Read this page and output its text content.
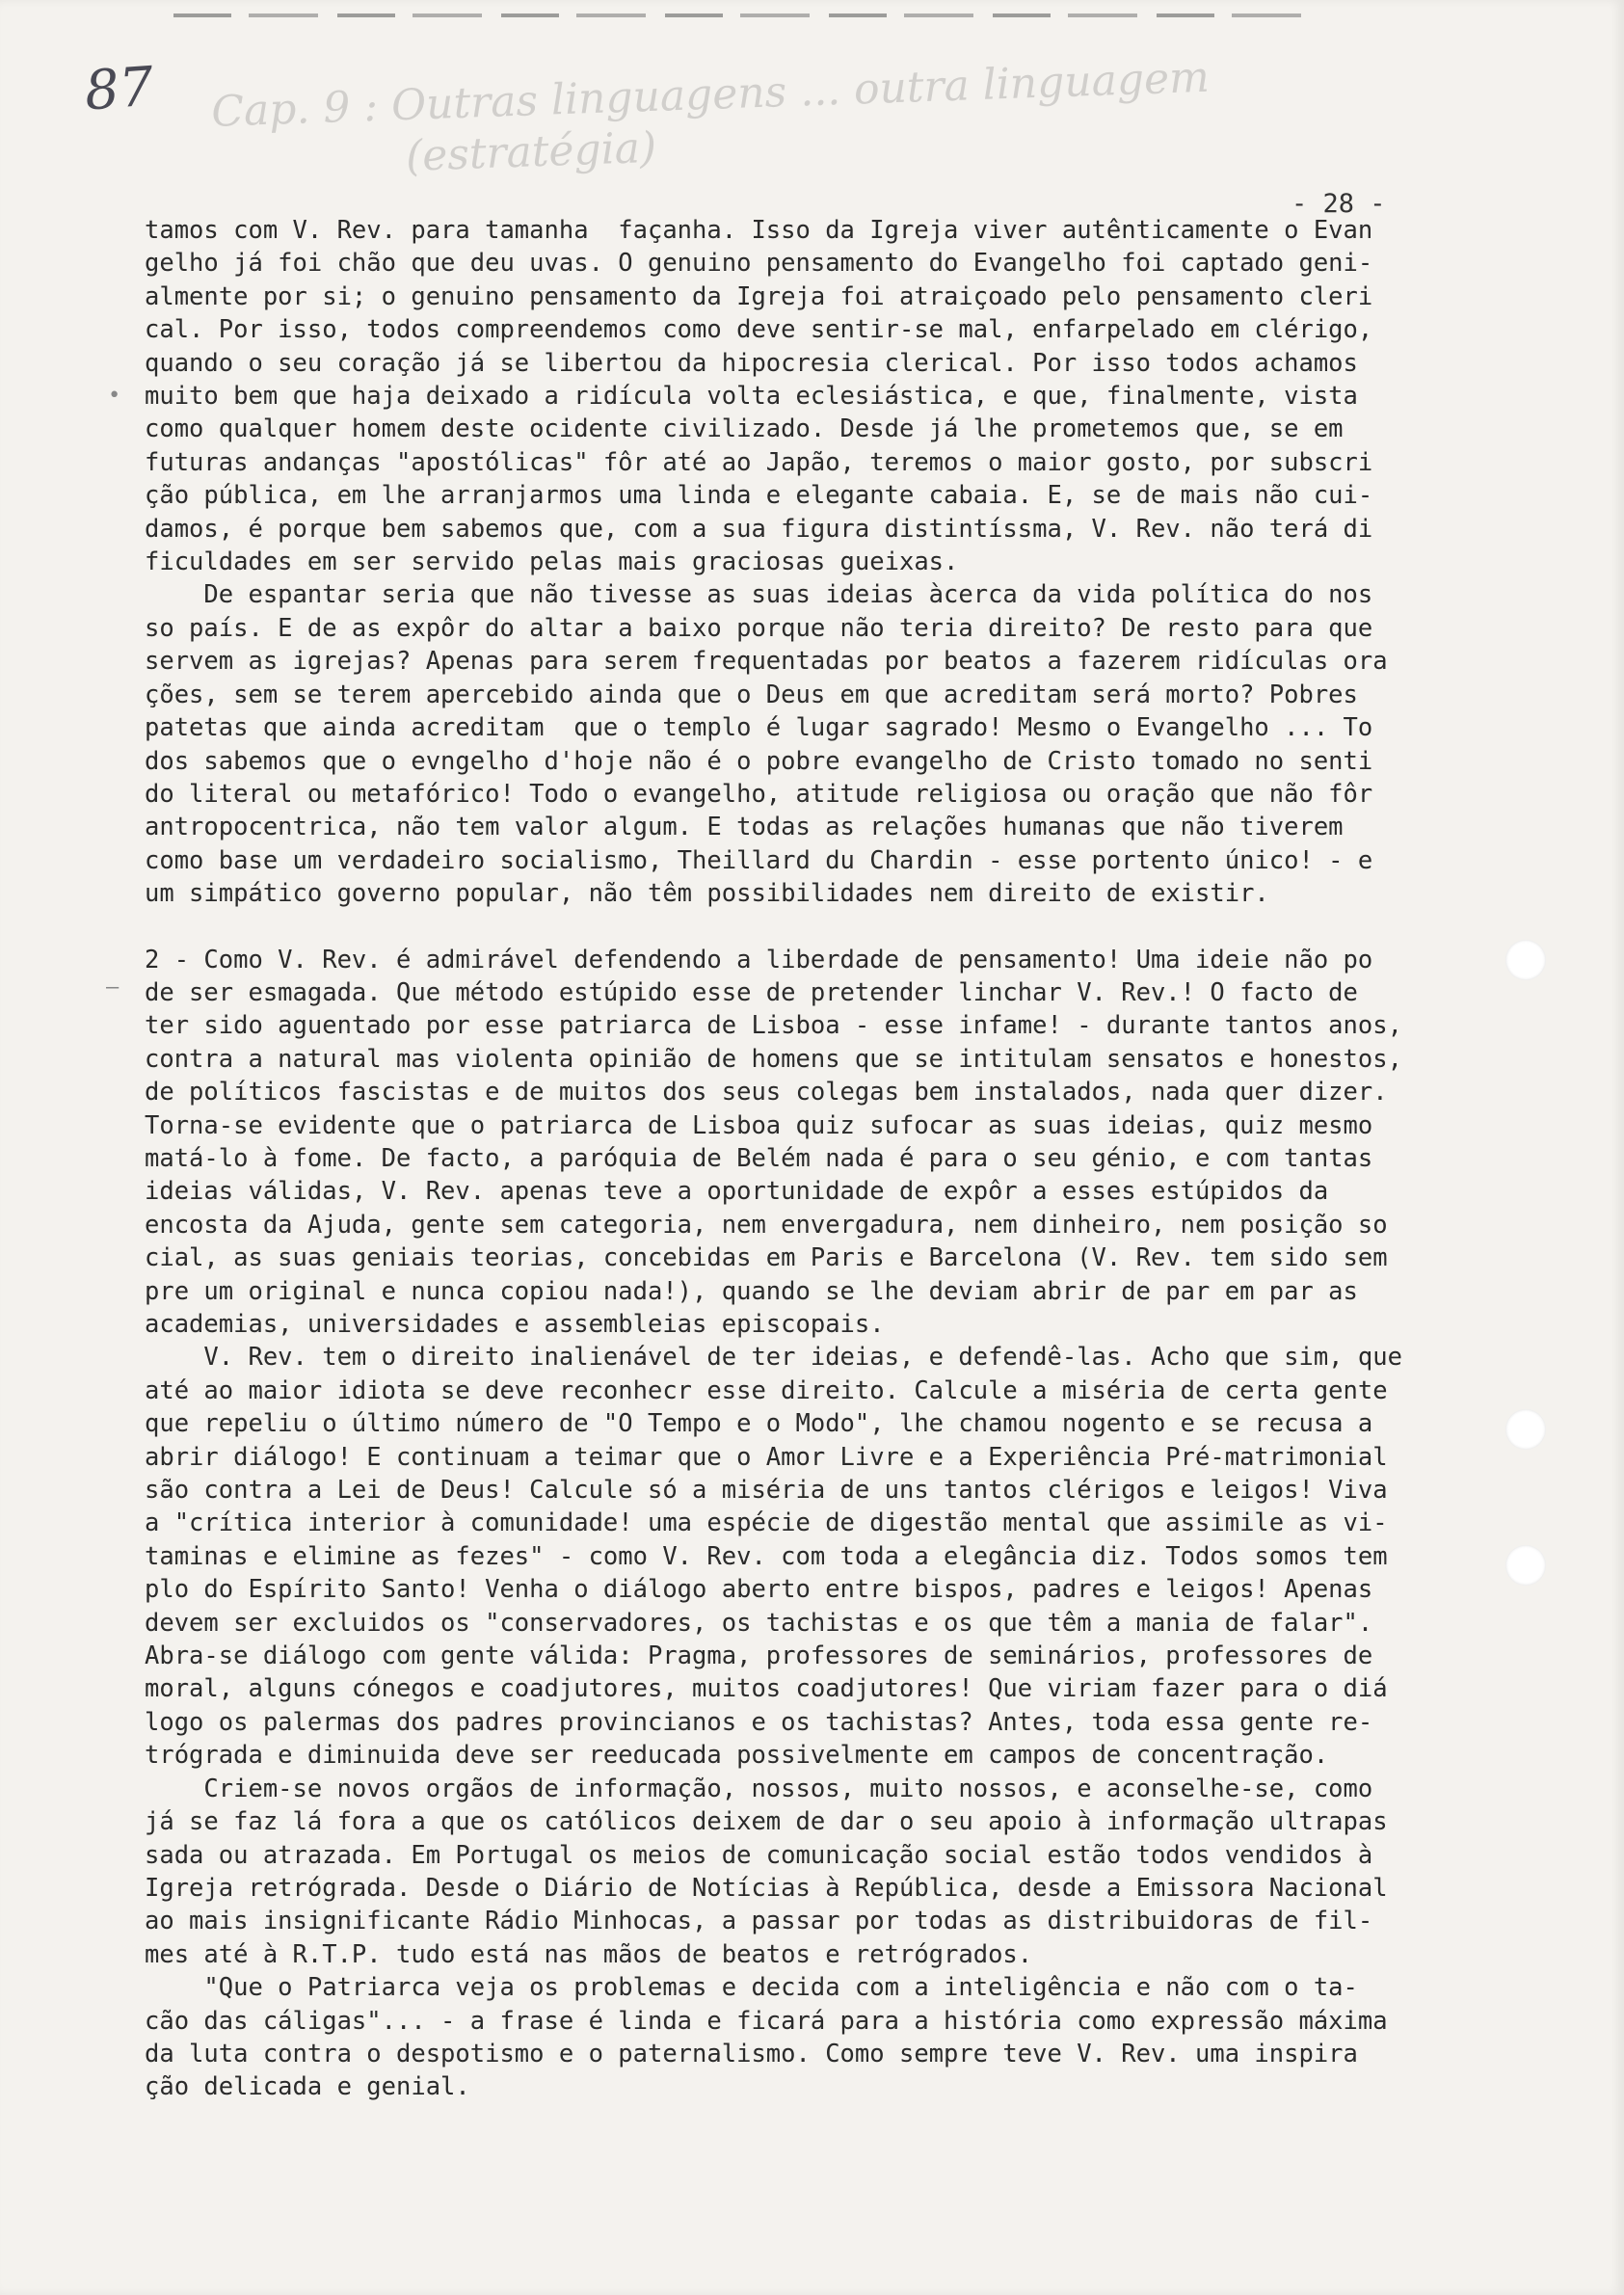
87 Cap. 9 : Outras linguagens ... outra linguagem
(estratégia)
- 28 -
tamos com V. Rev. para tamanha  façanha. Isso da Igreja viver autênticamente o Evan
gelho já foi chão que deu uvas. O genuino pensamento do Evangelho foi captado geni-
almente por si; o genuino pensamento da Igreja foi atraiçoado pelo pensamento cleri
cal. Por isso, todos compreendemos como deve sentir-se mal, enfarpelado em clérigo,
quando o seu coração já se libertou da hipocresia clerical. Por isso todos achamos
muito bem que haja deixado a ridícula volta eclesiástica, e que, finalmente, vista
como qualquer homem deste ocidente civilizado. Desde já lhe prometemos que, se em
futuras andanças "apostólicas" fôr até ao Japão, teremos o maior gosto, por subscri
ção pública, em lhe arranjarmos uma linda e elegante cabaia. E, se de mais não cui-
damos, é porque bem sabemos que, com a sua figura distintíssma, V. Rev. não terá di
ficuldades em ser servido pelas mais graciosas gueixas.
De espantar seria que não tivesse as suas ideias àcerca da vida política do nos
so país. E de as expôr do altar a baixo porque não teria direito? De resto para que
servem as igrejas? Apenas para serem frequentadas por beatos a fazerem ridículas ora
ções, sem se terem apercebido ainda que o Deus em que acreditam será morto? Pobres
patetas que ainda acreditam  que o templo é lugar sagrado! Mesmo o Evangelho ... To
dos sabemos que o evngelho d'hoje não é o pobre evangelho de Cristo tomado no senti
do literal ou metafórico! Todo o evangelho, atitude religiosa ou oração que não fôr
antropocentrica, não tem valor algum. E todas as relações humanas que não tiverem
como base um verdadeiro socialismo, Theillard du Chardin - esse portento único! - e
um simpático governo popular, não têm possibilidades nem direito de existir.
2 - Como V. Rev. é admirável defendendo a liberdade de pensamento! Uma ideie não po
de ser esmagada. Que método estúpido esse de pretender linchar V. Rev.! O facto de
ter sido aguentado por esse patriarca de Lisboa - esse infame! - durante tantos anos,
contra a natural mas violenta opinião de homens que se intitulam sensatos e honestos,
de políticos fascistas e de muitos dos seus colegas bem instalados, nada quer dizer.
Torna-se evidente que o patriarca de Lisboa quiz sufocar as suas ideias, quiz mesmo
matá-lo à fome. De facto, a paróquia de Belém nada é para o seu génio, e com tantas
ideias válidas, V. Rev. apenas teve a oportunidade de expôr a esses estúpidos da
encosta da Ajuda, gente sem categoria, nem envergadura, nem dinheiro, nem posição so
cial, as suas geniais teorias, concebidas em Paris e Barcelona (V. Rev. tem sido sem
pre um original e nunca copiou nada!), quando se lhe deviam abrir de par em par as
academias, universidades e assembleias episcopais.
V. Rev. tem o direito inalienável de ter ideias, e defendê-las. Acho que sim, que
até ao maior idiota se deve reconhecr esse direito. Calcule a miséria de certa gente
que repeliu o último número de "O Tempo e o Modo", lhe chamou nogento e se recusa a
abrir diálogo! E continuam a teimar que o Amor Livre e a Experiência Pré-matrimonial
são contra a Lei de Deus! Calcule só a miséria de uns tantos clérigos e leigos! Viva
a "crítica interior à comunidade! uma espécie de digestão mental que assimile as vi-
taminas e elimine as fezes" - como V. Rev. com toda a elegância diz. Todos somos tem
plo do Espírito Santo! Venha o diálogo aberto entre bispos, padres e leigos! Apenas
devem ser excluidos os "conservadores, os tachistas e os que têm a mania de falar".
Abra-se diálogo com gente válida: Pragma, professores de seminários, professores de
moral, alguns cónegos e coadjutores, muitos coadjutores! Que viriam fazer para o diá
logo os palermas dos padres provincianos e os tachistas? Antes, toda essa gente re-
trógrada e diminuida deve ser reeducada possivelmente em campos de concentração.
Criem-se novos orgãos de informação, nossos, muito nossos, e aconselhe-se, como
já se faz lá fora a que os católicos deixem de dar o seu apoio à informação ultrapas
sada ou atrazada. Em Portugal os meios de comunicação social estão todos vendidos à
Igreja retrógrada. Desde o Diário de Notícias à República, desde a Emissora Nacional
ao mais insignificante Rádio Minhocas, a passar por todas as distribuidoras de fil-
mes até à R.T.P. tudo está nas mãos de beatos e retrógrados.
"Que o Patriarca veja os problemas e decida com a inteligência e não com o ta-
cão das cáligas"... - a frase é linda e ficará para a história como expressão máxima
da luta contra o despotismo e o paternalismo. Como sempre teve V. Rev. uma inspira
ção delicada e genial.
•
—
